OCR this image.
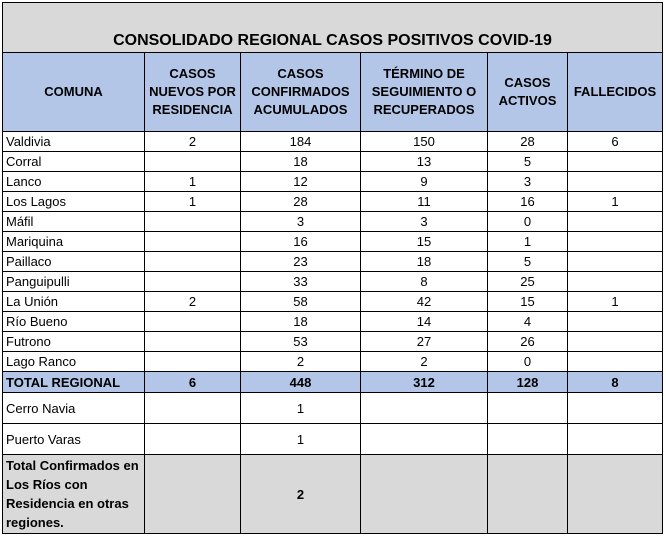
CONSOLIDADO REGIONAL CASOS POSITIVOS COVID-19					
COMUNA	CASOS NUEVOS POR RESIDENCIA	CASOS CONFIRMADOS ACUMULADOS	TÉRMINO DE SEGUIMIENTO O RECUPERADOS	CASOS ACTIVOS	FALLECIDOS
Valdivia	2	184	150	28	6
Corral		18	13	5	
Lanco	1	12	9	3	
Los Lagos	1	28	11	16	1
Máfil		3	3	0	
Mariquina		16	15	1	
Paillaco		23	18	5	
Panguipulli		33	8	25	
La Unión	2	58	42	15	1
Río Bueno		18	14	4	
Futrono		53	27	26	
Lago Ranco		2	2	0	
TOTAL REGIONAL	6	448	312	128	8
Cerro Navia		1			
Puerto Varas		1			
Total Confirmados en Los Ríos con Residencia en otras regiones.		2			
